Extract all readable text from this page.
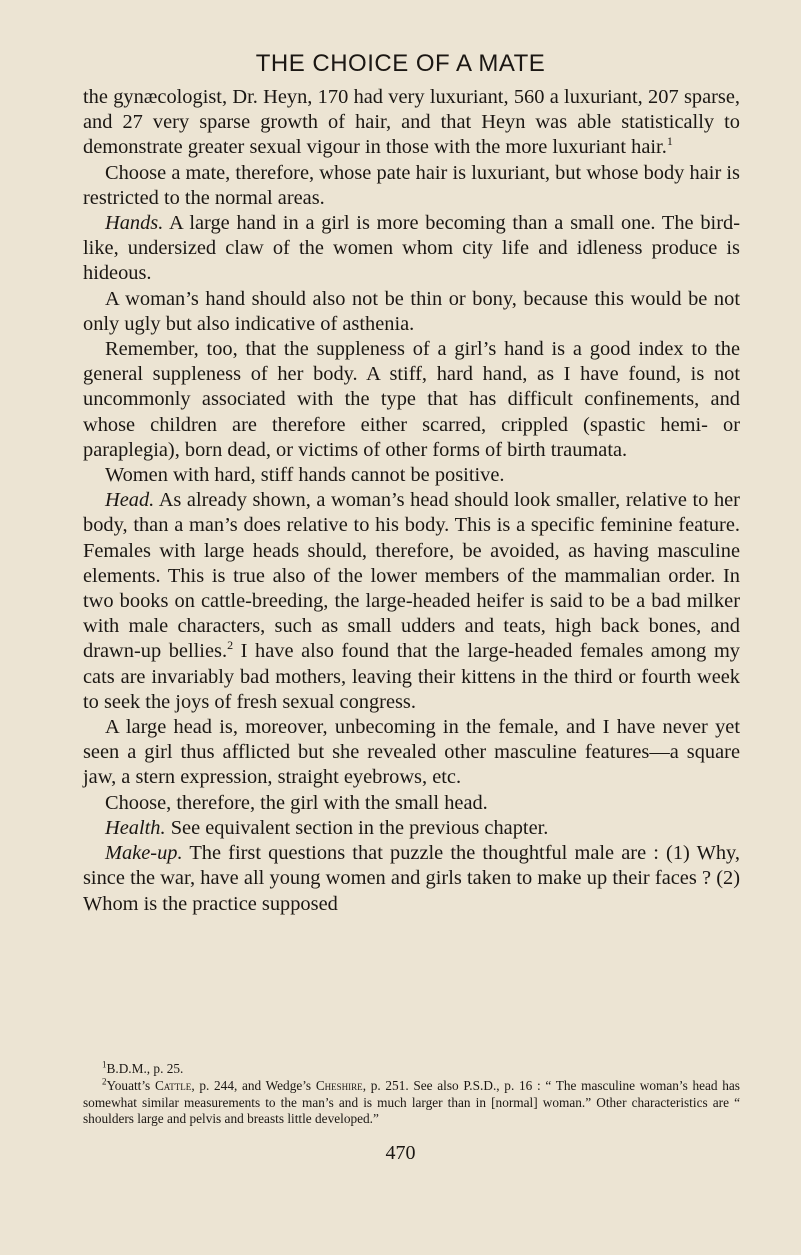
THE CHOICE OF A MATE

the gynæcologist, Dr. Heyn, 170 had very luxuriant, 560 a luxuriant, 207 sparse, and 27 very sparse growth of hair, and that Heyn was able statistically to demonstrate greater sexual vigour in those with the more luxuriant hair.$^1$

Choose a mate, therefore, whose pate hair is luxuriant, but whose body hair is restricted to the normal areas.

Hands. A large hand in a girl is more becoming than a small one. The bird-like, undersized claw of the women whom city life and idleness produce is hideous.

A woman’s hand should also not be thin or bony, because this would be not only ugly but also indicative of asthenia.

Remember, too, that the suppleness of a girl’s hand is a good index to the general suppleness of her body. A stiff, hard hand, as I have found, is not uncommonly associated with the type that has difficult confinements, and whose children are therefore either scarred, crippled (spastic hemi- or paraplegia), born dead, or victims of other forms of birth traumata.

Women with hard, stiff hands cannot be positive.

Head. As already shown, a woman’s head should look smaller, relative to her body, than a man’s does relative to his body. This is a specific feminine feature. Females with large heads should, therefore, be avoided, as having masculine elements. This is true also of the lower members of the mammalian order. In two books on cattle-breeding, the large-headed heifer is said to be a bad milker with male characters, such as small udders and teats, high back bones, and drawn-up bellies.$^2$ I have also found that the large-headed females among my cats are invariably bad mothers, leaving their kittens in the third or fourth week to seek the joys of fresh sexual congress.

A large head is, moreover, unbecoming in the female, and I have never yet seen a girl thus afflicted but she revealed other masculine features—a square jaw, a stern expression, straight eyebrows, etc.

Choose, therefore, the girl with the small head.

Health. See equivalent section in the previous chapter.

Make-up. The first questions that puzzle the thoughtful male are : (1) Why, since the war, have all young women and girls taken to make up their faces ? (2) Whom is the practice supposed

$^1$B.D.M., p. 25.

$^2$Youatt’s Cattle, p. 244, and Wedge’s Cheshire, p. 251. See also P.S.D., p. 16 : “ The masculine woman’s head has somewhat similar measurements to the man’s and is much larger than in [normal] woman.” Other characteristics are “ shoulders large and pelvis and breasts little developed.”

470
